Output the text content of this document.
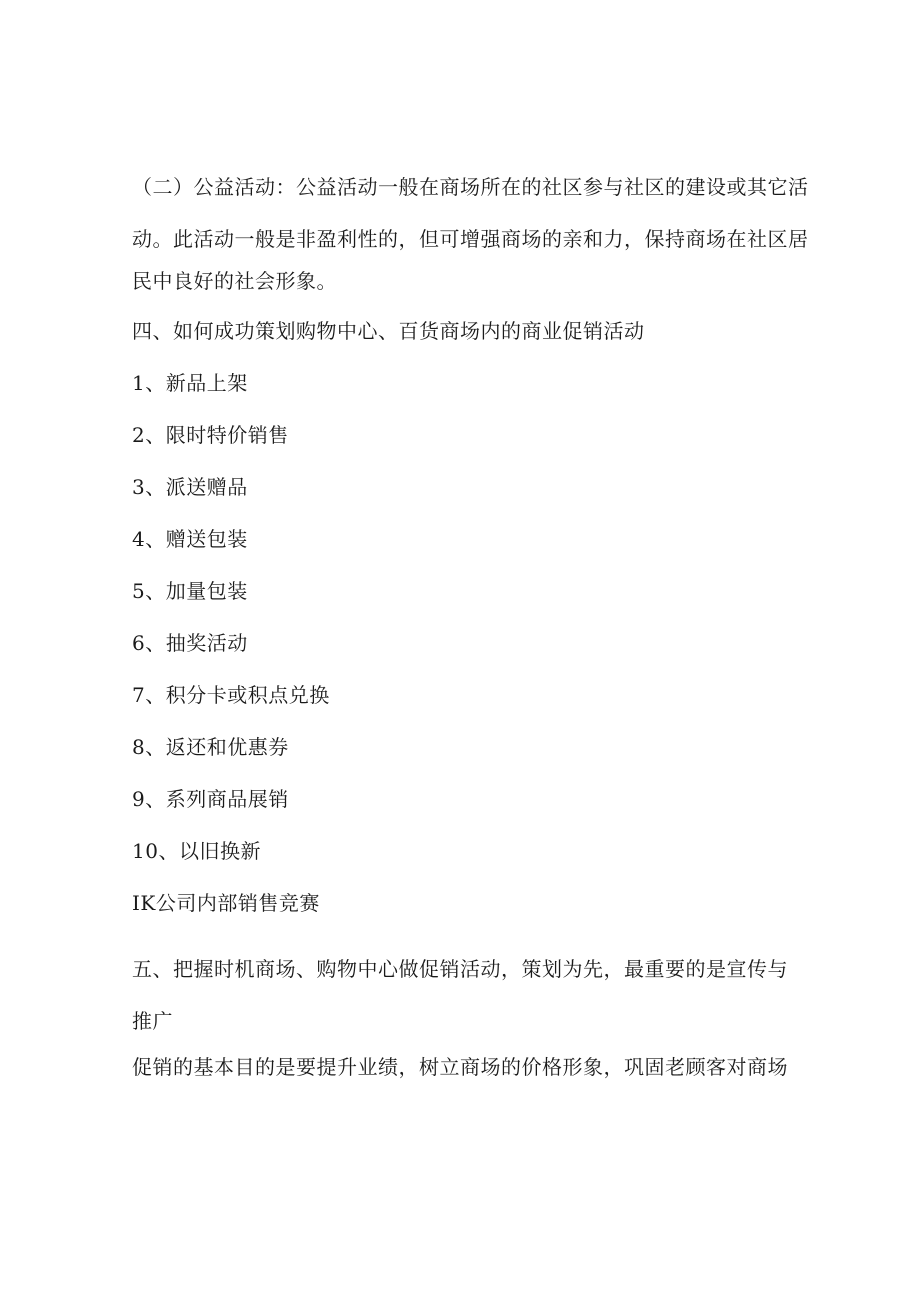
（二）公益活动：公益活动一般在商场所在的社区参与社区的建设或其它活
动。此活动一般是非盈利性的，但可增强商场的亲和力，保持商场在社区居
民中良好的社会形象。
四、如何成功策划购物中心、百货商场内的商业促销活动
1、新品上架
2、限时特价销售
3、派送赠品
4、赠送包装
5、加量包装
6、抽奖活动
7、积分卡或积点兑换
8、返还和优惠券
9、系列商品展销
10、以旧换新
IK公司内部销售竞赛
五、把握时机商场、购物中心做促销活动，策划为先，最重要的是宣传与
推广
促销的基本目的是要提升业绩，树立商场的价格形象，巩固老顾客对商场
